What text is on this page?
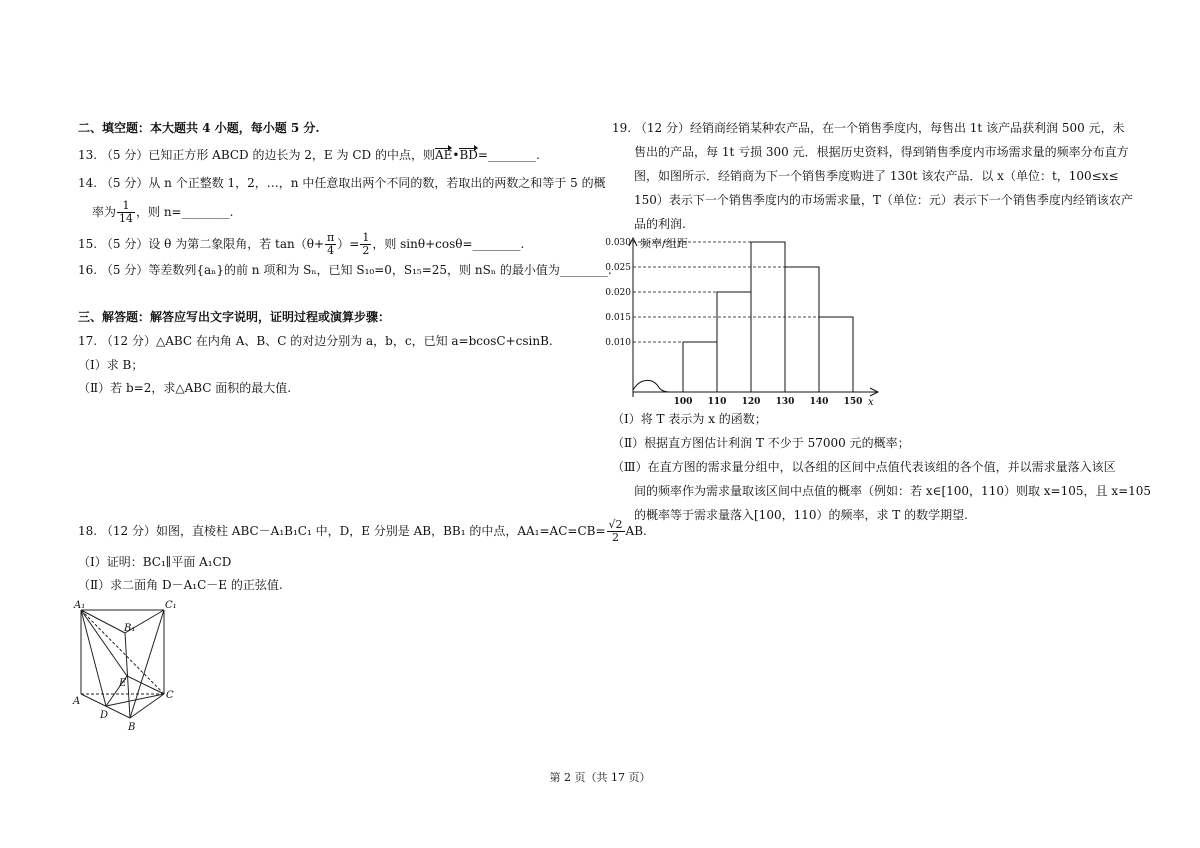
二、填空题：本大题共 4 小题，每小题 5 分.
13. （5 分）已知正方形 ABCD 的边长为 2，E 为 CD 的中点，则AE•BD=________.
14. （5 分）从 n 个正整数 1，2，…，n 中任意取出两个不同的数，若取出的两数之和等于 5 的概
率为 $\frac{1}{14}$ ，则 n=________.
15. （5 分）设 θ 为第二象限角，若 $\tan(\theta+ \frac{\pi}{4}$ ）= $\frac{1}{2}$ ，则 sinθ+cosθ=________.
16. （5 分）等差数列{aₙ}的前 n 项和为 Sₙ，已知 S₁₀=0，S₁₅=25，则 nSₙ 的最小值为________.
三、解答题：解答应写出文字说明，证明过程或演算步骤：
17. （12 分）△ABC 在内角 A、B、C 的对边分别为 a，b，c，已知 a=bcosC+csinB.
（Ⅰ）求 B；
（Ⅱ）若 b=2，求△ABC 面积的最大值.
18. （12 分）如图，直棱柱 ABC－A₁B₁C₁ 中，D，E 分别是 AB，BB₁ 的中点，$AA_1=AC=CB= \frac{√2}{2}$ AB.
（Ⅰ）证明：BC₁∥平面 A₁CD
（Ⅱ）求二面角 D－A₁C－E 的正弦值.
A₁	C₁
B₁
E
A
C
D
B
19. （12 分）经销商经销某种农产品，在一个销售季度内，每售出 1t 该产品获利润 500 元，未
售出的产品，每 1t 亏损 300 元．根据历史资料，得到销售季度内市场需求量的频率分布直方
图，如图所示．经销商为下一个销售季度购进了 130t 该农产品．以 x（单位：t，100≤x≤
150）表示下一个销售季度内的市场需求量，T（单位：元）表示下一个销售季度内经销该农产
品的利润.
频率/组距
x
0.030
0.025
0.020
0.015
0.010
100 110 120 130 140 150
（Ⅰ）将 T 表示为 x 的函数；
（Ⅱ）根据直方图估计利润 T 不少于 57000 元的概率；
（Ⅲ）在直方图的需求量分组中，以各组的区间中点值代表该组的各个值，并以需求量落入该区
间的频率作为需求量取该区间中点值的概率（例如：若 x∈[100，110）则取 x=105，且 x=105
的概率等于需求量落入[100，110）的频率，求 T 的数学期望.
第 2 页（共 17 页）
